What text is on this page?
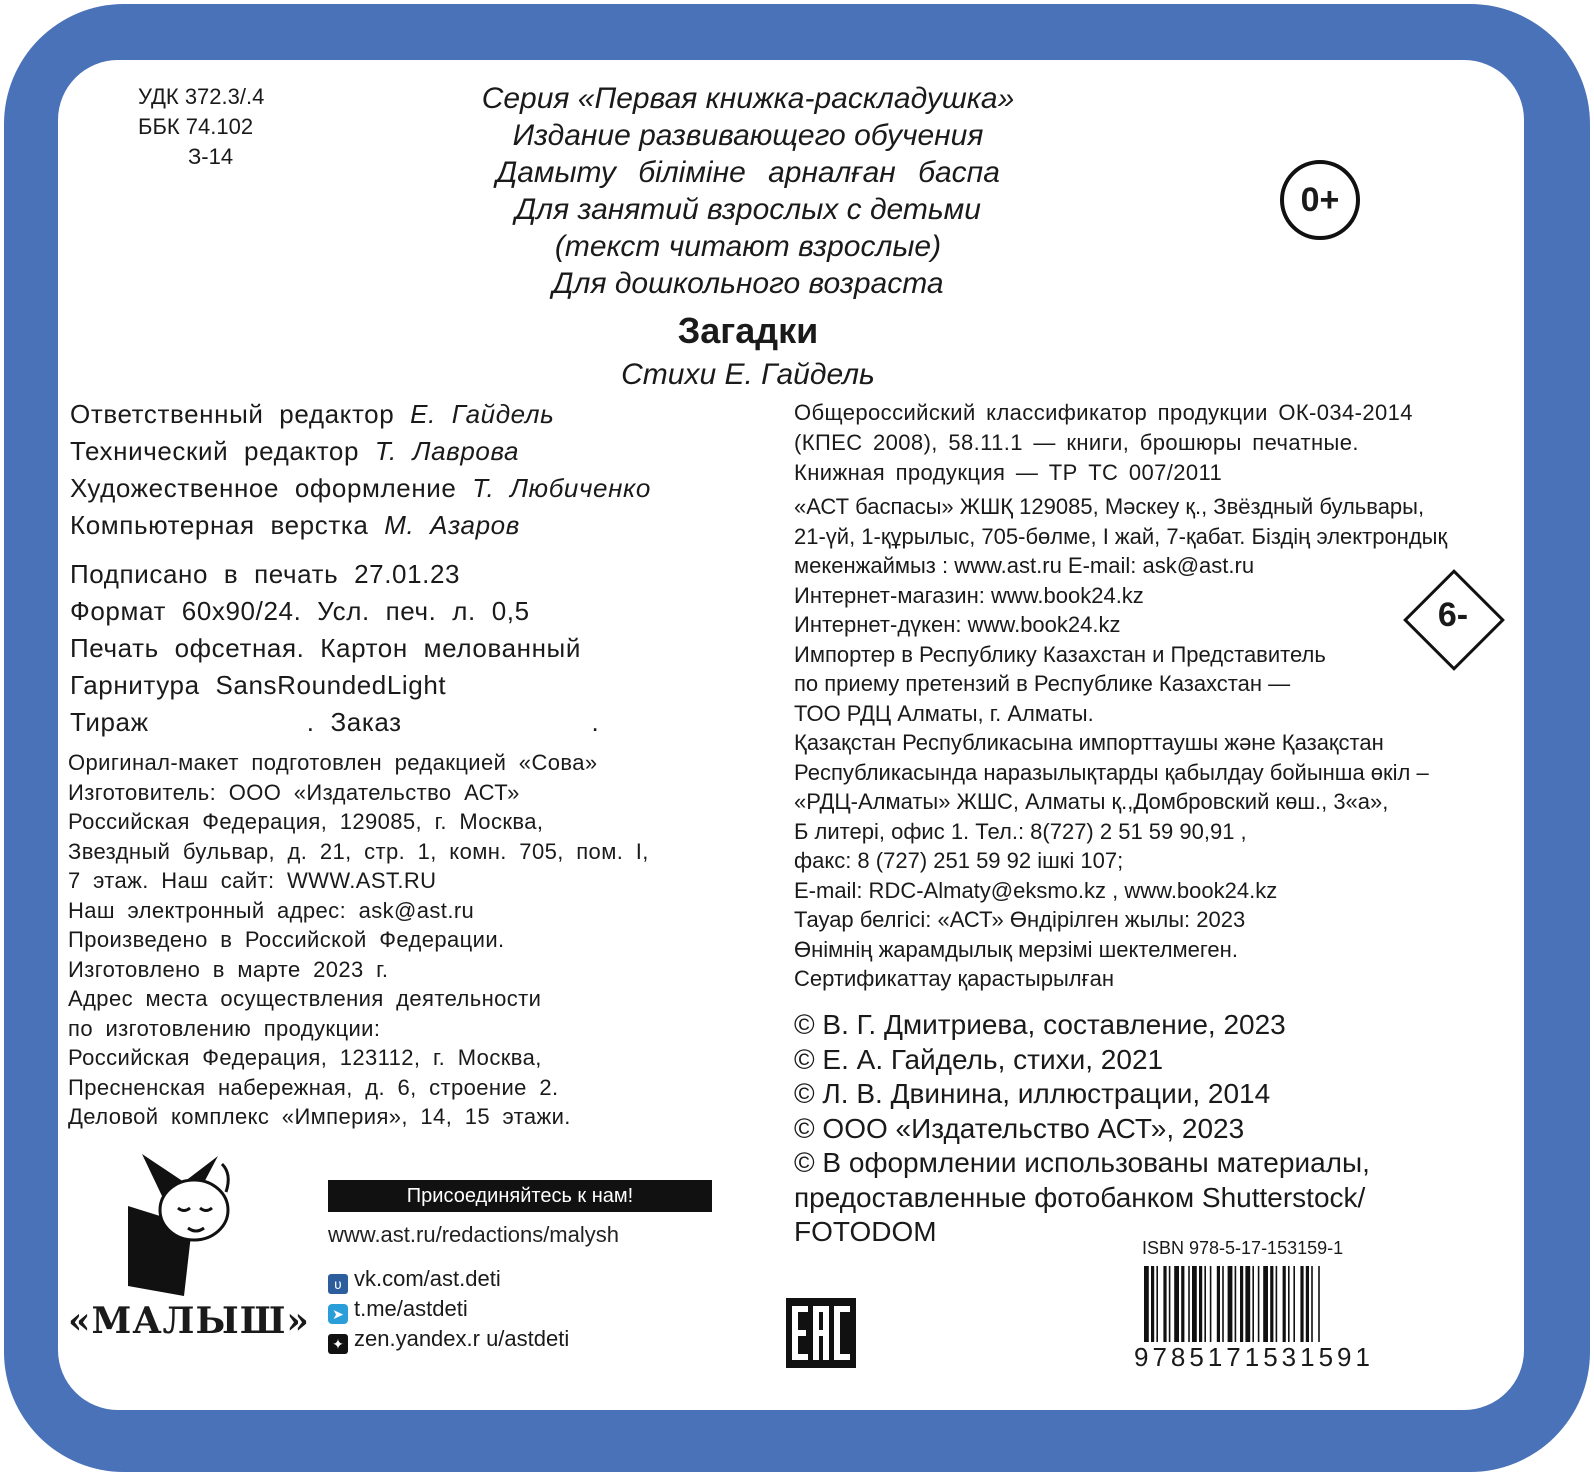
УДК 372.3/.4
ББК 74.102
З-14
Серия «Первая книжка-раскладушка»
Издание развивающего обучения
Дамыту біліміне арналған баспа
Для занятий взрослых с детьми
(текст читают взрослые)
Для дошкольного возраста
0+
Загадки
Стихи Е. Гайдель
Ответственный редактор Е. Гайдель
Технический редактор Т. Лаврова
Художественное оформление Т. Любиченко
Компьютерная верстка М. Азаров
Подписано в печать 27.01.23
Формат 60x90/24. Усл. печ. л. 0,5
Печать офсетная. Картон мелованный
Гарнитура SansRoundedLight
Тираж          . Заказ            .
Оригинал-макет подготовлен редакцией «Сова»
Изготовитель: ООО «Издательство АСТ»
Российская Федерация, 129085, г. Москва,
Звездный бульвар, д. 21, стр. 1, комн. 705, пом. I,
7 этаж. Наш сайт: WWW.AST.RU
Наш электронный адрес: ask@ast.ru
Произведено в Российской Федерации.
Изготовлено в марте 2023 г.
Адрес места осуществления деятельности
по изготовлению продукции:
Российская Федерация, 123112, г. Москва,
Пресненская набережная, д. 6, строение 2.
Деловой комплекс «Империя», 14, 15 этажи.
Общероссийский классификатор продукции ОК-034-2014
(КПЕС 2008), 58.11.1 — книги, брошюры печатные.
Книжная продукция — ТР ТС 007/2011
«АСТ баспасы» ЖШҚ 129085, Мәскеу қ., Звёздный бульвары,
21-үй, 1-құрылыс, 705-бөлме, I жай, 7-қабат. Біздің электрондық
мекенжаймыз : www.ast.ru E-mail: ask@ast.ru
Интернет-магазин: www.book24.kz
Интернет-дүкен: www.book24.kz
Импортер в Республику Казахстан и Представитель
по приему претензий в Республике Казахстан —
ТОО РДЦ Алматы, г. Алматы.
Қазақстан Республикасына импорттаушы және Қазақстан
Республикасында наразылықтарды қабылдау бойынша өкіл –
«РДЦ-Алматы» ЖШС, Алматы қ.,Домбровский көш., 3«а»,
Б литері, офис 1. Тел.: 8(727) 2 51 59 90,91 ,
факс: 8 (727) 251 59 92 ішкі 107;
E-mail: RDC-Almaty@eksmo.kz , www.book24.kz
Тауар белгісі: «АСТ» Өндірілген жылы: 2023
Өнімнің жарамдылық мерзімі шектелмеген.
Сертификаттау қарастырылған
6-
© В. Г. Дмитриева, составление, 2023
© Е. А. Гайдель, стихи, 2021
© Л. В. Двинина, иллюстрации, 2014
© ООО «Издательство АСТ», 2023
© В оформлении использованы материалы,
предоставленные фотобанком Shutterstock/
FOTODOM
ISBN 978-5-17-153159-1
9785171531591
Присоединяйтесь к нам!
www.ast.ru/redactions/malysh
ʋ vk.com/ast.deti
➤ t.me/astdeti
✦ zen.yandex.r u/astdeti
«МАЛЫШ»
